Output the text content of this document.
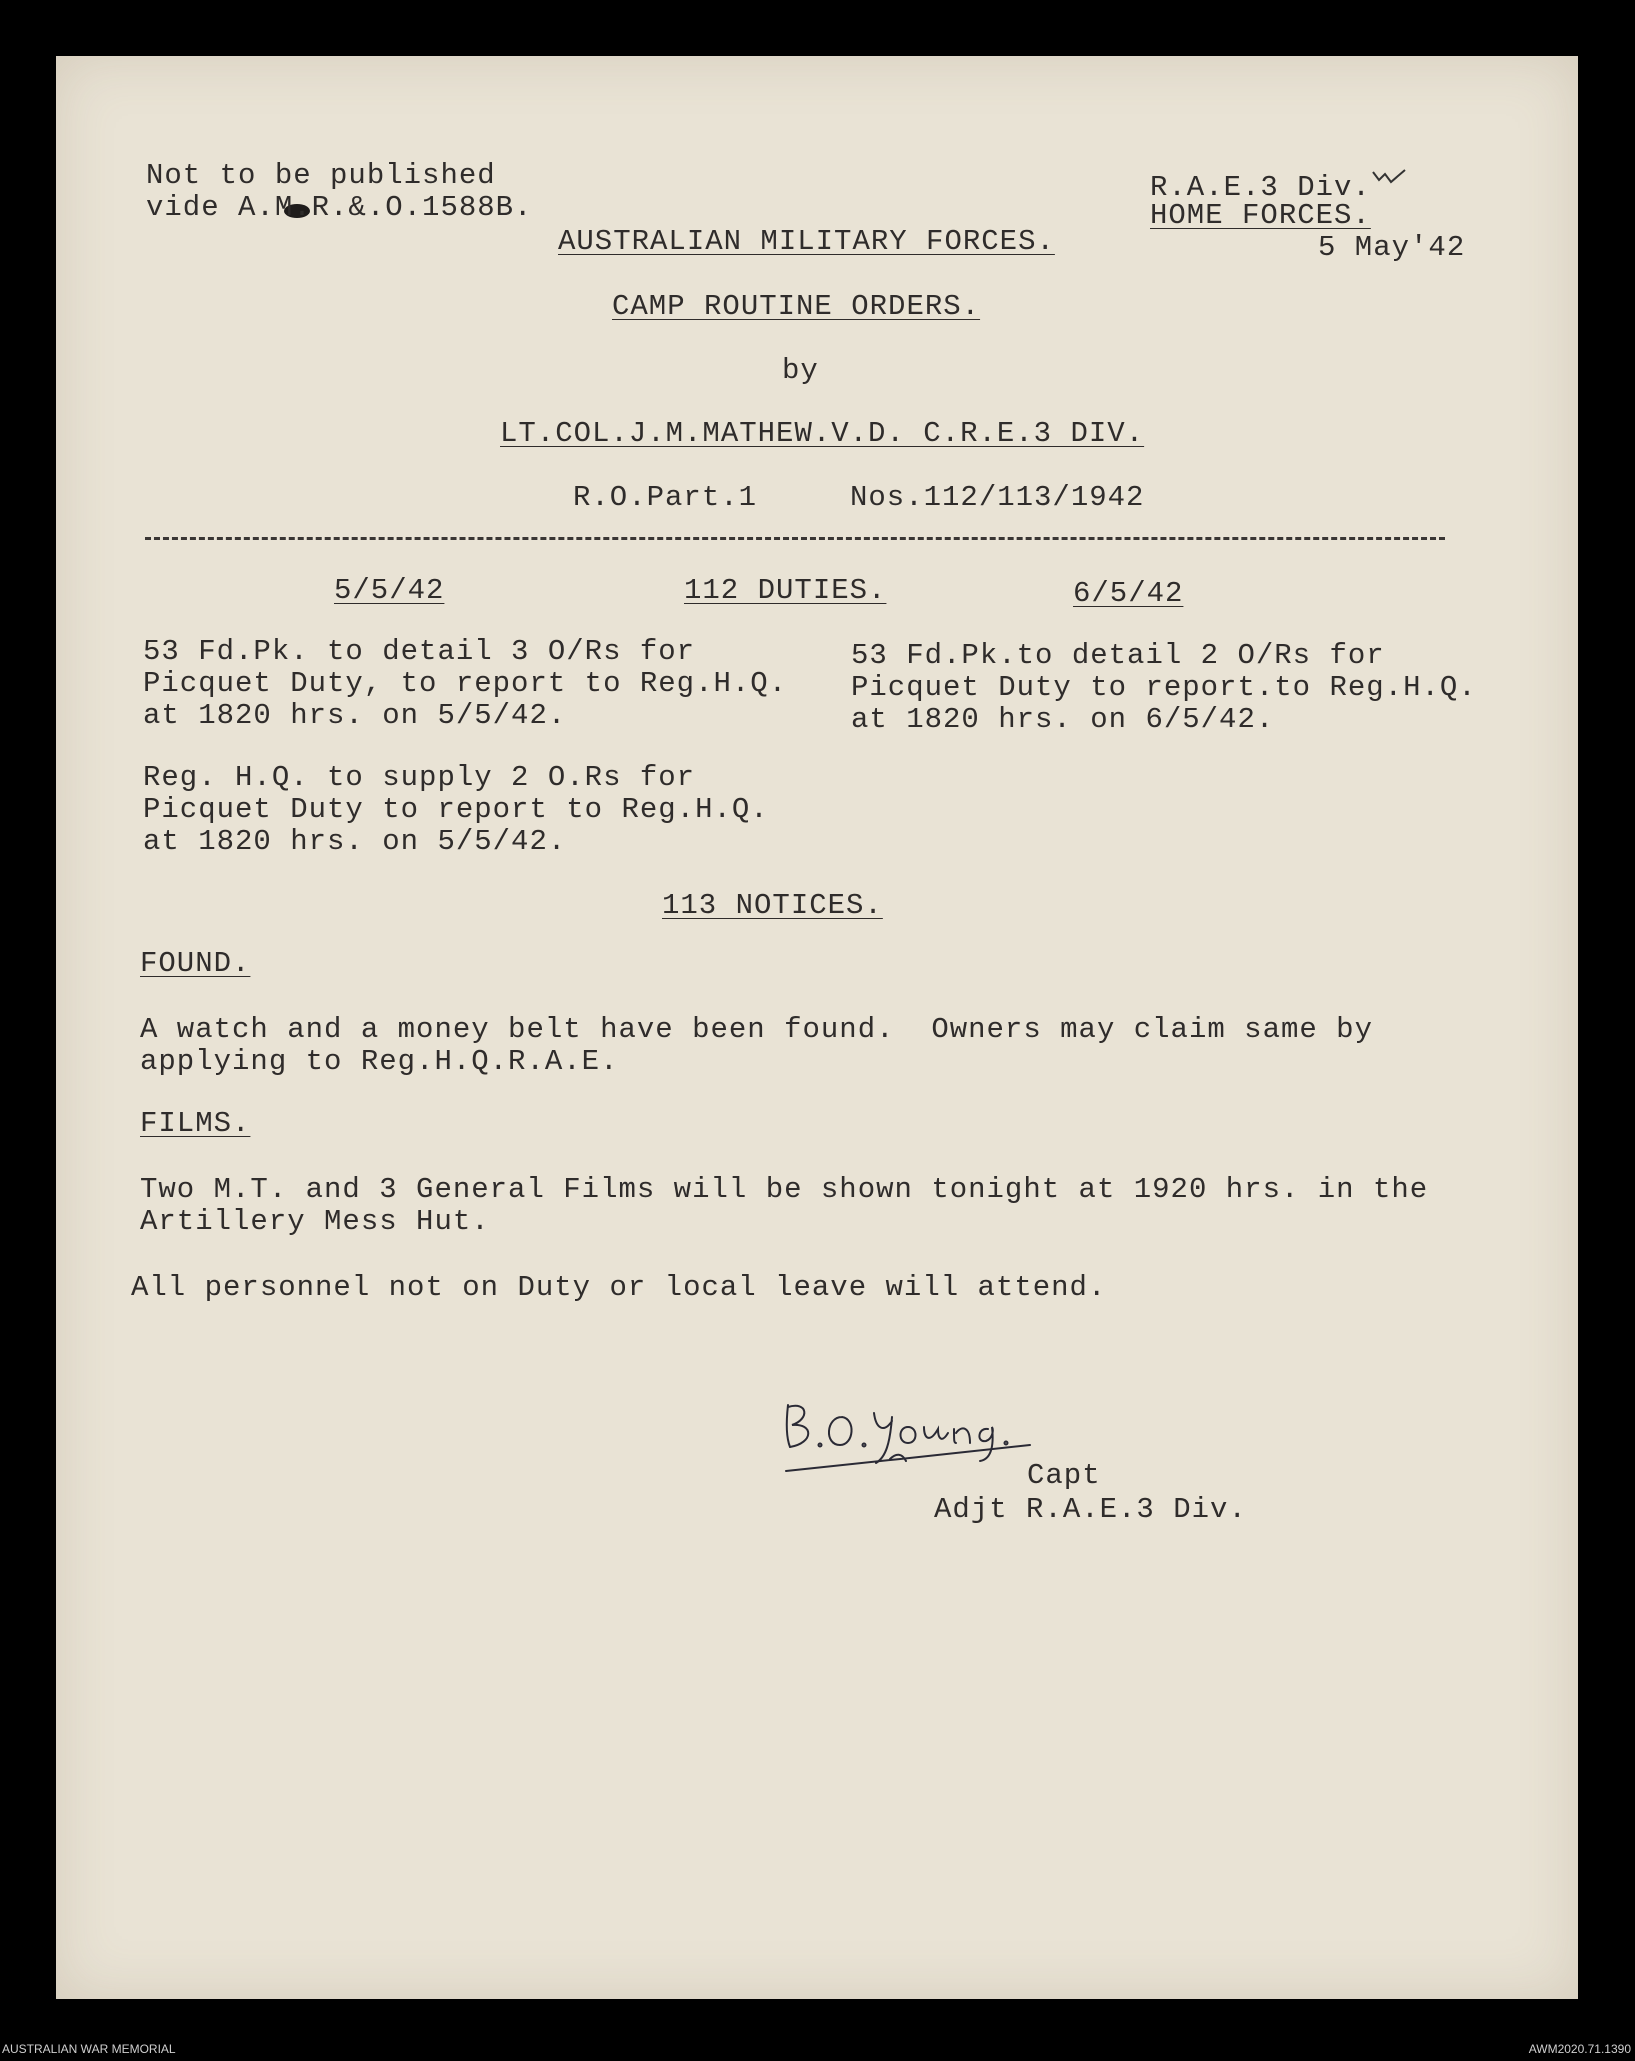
Not to be published
vide A.M.R.&.O.1588B.
R.A.E.3 Div.
HOME FORCES.
5 May'42
AUSTRALIAN MILITARY FORCES.
CAMP ROUTINE ORDERS.
by
LT.COL.J.M.MATHEW.V.D. C.R.E.3 DIV.
R.O.Part.1	Nos.112/113/1942
5/5/42	112 DUTIES.	6/5/42
53 Fd.Pk. to detail 3 O/Rs for
Picquet Duty, to report to Reg.H.Q.
at 1820 hrs. on 5/5/42.
53 Fd.Pk.to detail 2 O/Rs for
Picquet Duty to report.to Reg.H.Q.
at 1820 hrs. on 6/5/42.
Reg. H.Q. to supply 2 O.Rs for
Picquet Duty to report to Reg.H.Q.
at 1820 hrs. on 5/5/42.
113 NOTICES.
FOUND.
A watch and a money belt have been found.  Owners may claim same by
applying to Reg.H.Q.R.A.E.
FILMS.
Two M.T. and 3 General Films will be shown tonight at 1920 hrs. in the
Artillery Mess Hut.
All personnel not on Duty or local leave will attend.
Capt
Adjt R.A.E.3 Div.
AUSTRALIAN WAR MEMORIAL	AWM2020.71.1390
